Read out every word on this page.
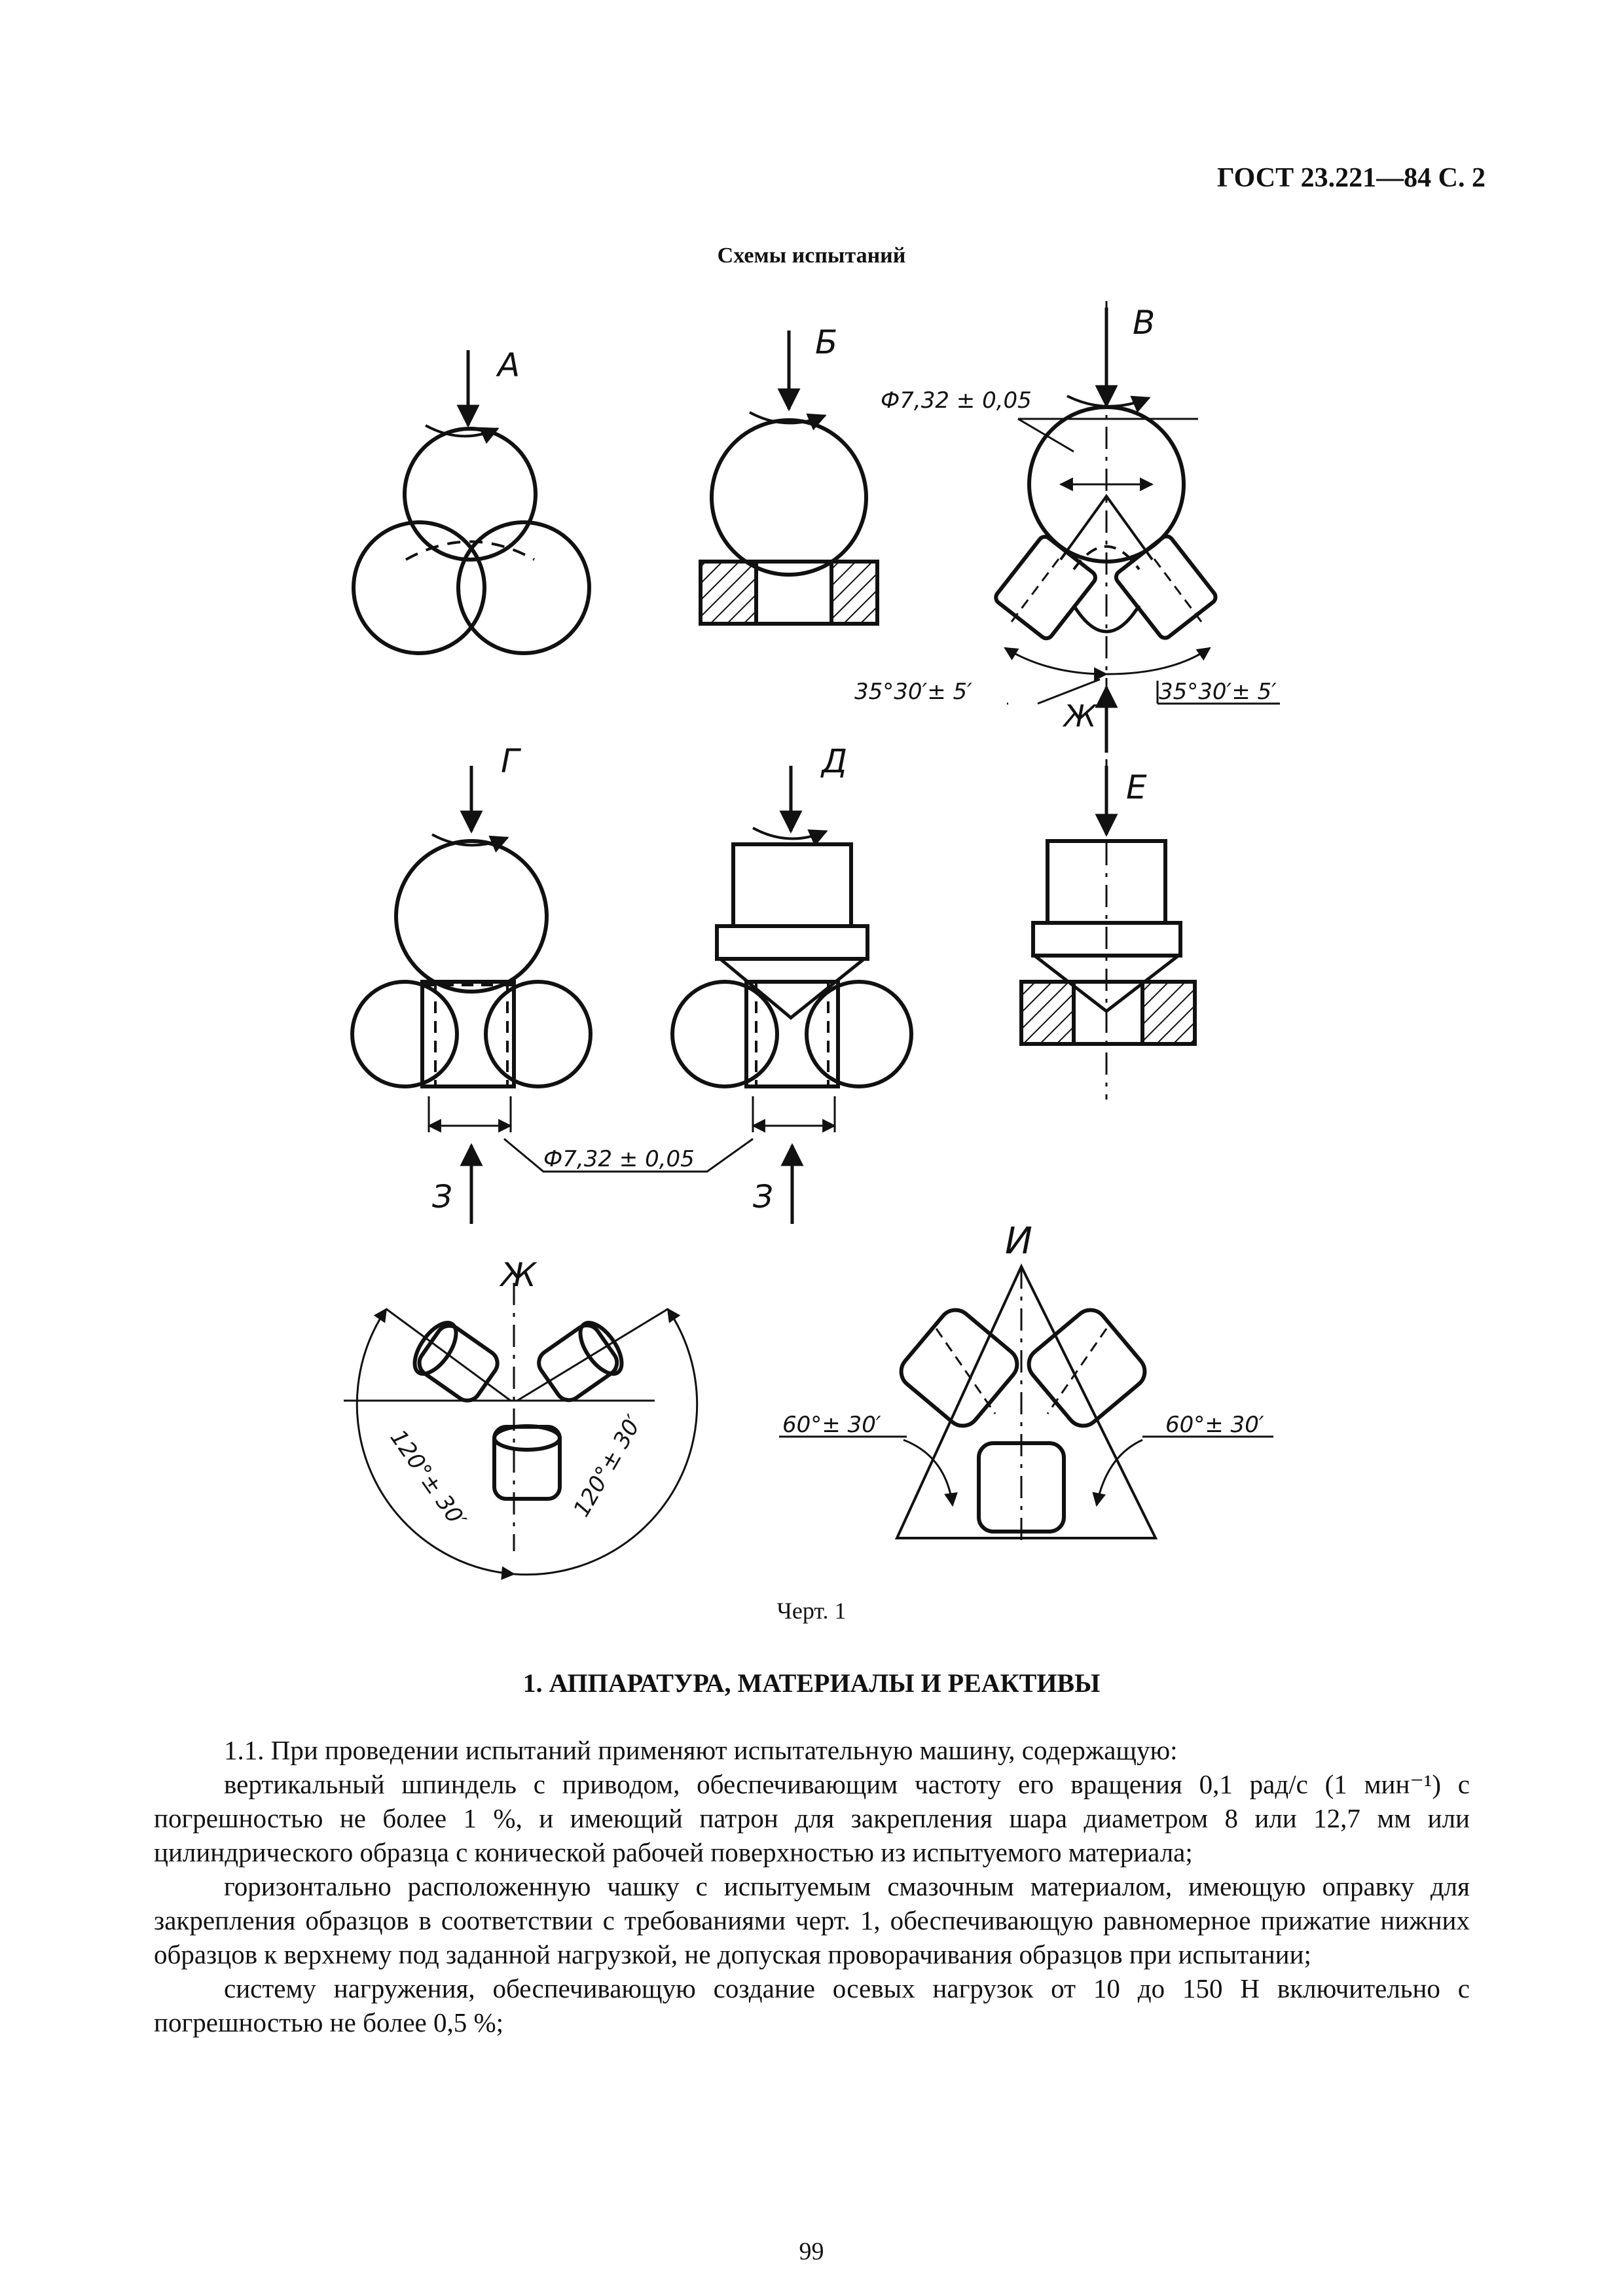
ГОСТ 23.221—84 С. 2
Схемы испытаний
А
Б
В
Ф7,32 ± 0,05
35°30′± 5′	35°30′± 5′
Ж
Г	Д
Е
Ф7,32 ± 0,05
З	З
Ж
И
120°± 30′	120°± 30′	60°± 30′	60°± 30′
Черт. 1
1. АППАРАТУРА, МАТЕРИАЛЫ И РЕАКТИВЫ

1.1. При проведении испытаний применяют испытательную машину, содержащую:

вертикальный шпиндель с приводом, обеспечивающим частоту его вращения 0,1 рад/с (1 мин⁻¹) с погрешностью не более 1 %, и имеющий патрон для закрепления шара диаметром 8 или 12,7 мм или цилиндрического образца с конической рабочей поверхностью из испытуемого материала;

горизонтально расположенную чашку с испытуемым смазочным материалом, имеющую оправку для закрепления образцов в соответствии с требованиями черт. 1, обеспечивающую равномерное прижатие нижних образцов к верхнему под заданной нагрузкой, не допуская проворачивания образцов при испытании;

систему нагружения, обеспечивающую создание осевых нагрузок от 10 до 150 Н включительно с погрешностью не более 0,5 %;

99
